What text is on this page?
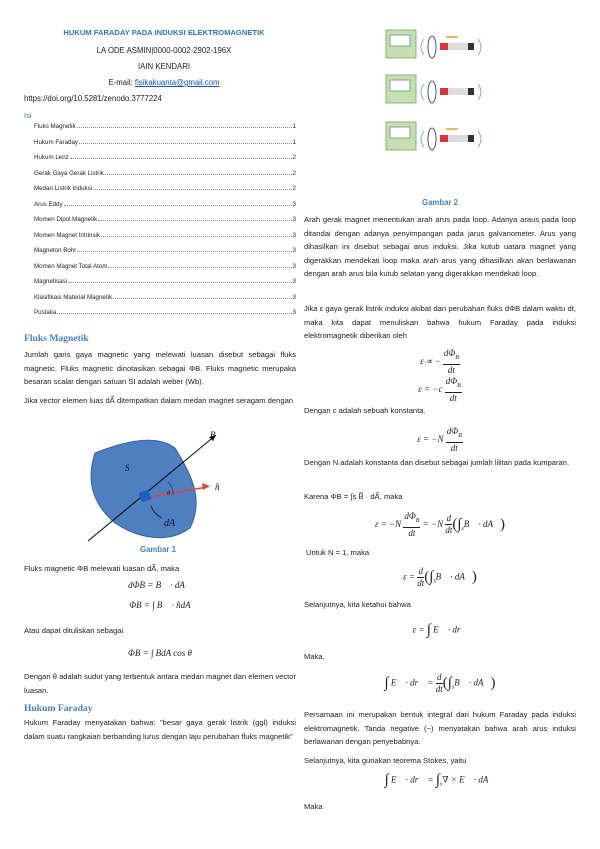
HUKUM FARADAY PADA INDUKSI ELEKTROMAGNETIK
LA ODE ASMIN|0000-0002-2902-196X
IAIN KENDARI
E-mail: fisikakuanta@gmail.com
https://doi.org/10.5281/zenodo.3777224
Isi
Fluks Magnetik	1
Hukum Faraday	1
Hukum Lenz	2
Gerak Gaya Gerak Listrik	2
Medan Listrik Induksi	2
Arus Eddy	3
Momen Dipol Magnetik	3
Momen Magnet Intrinsik	3
Magneton Bohr	3
Momen Magnet Total Atom	3
Magnetisasi	3
Klasifikasi Material Magnetik	3
Pustaka	3
Fluks Magnetik
Jumlah garis gaya magnetic yang melewati luasan disebut sebagai fluks magnetic. Fluks magnetic dinotasikan sebagai ΦB. Fluks magnetic merupaka besaran scalar dengan satuan SI adalah weber (Wb).
Jika vector elemen luas dA⃗ ditempatkan dalam medan magnet seragam dengan
S
B⃗
n̂
θ
dA⃗
Gambar 1
Fluks magnetic ΦB melewati luasan dA⃗, maka
dΦB = B⃗ · dA⃗
ΦB = ∫ B⃗ · n̂dA
Atau dapat dituliskan sebagai
ΦB = ∫ BdA cos θ
Dengan θ adalah sudut yang terbentuk antara medan magnet dan elemen vector luasan.
Hukum Faraday
Hukum Faraday menyatakan bahwa: "besar gaya gerak listrik (ggl) induksi dalam suatu rangkaian berbanding lurus dengan laju perubahan fluks magnetik"
Gambar 2
Arah gerak magnet menentukan arah arus pada loop. Adanya araus pada loop ditandai dengan adanya penyimpangan pada jarus galvanometer. Arus yang dihasilkan ini disebut sebagai arus induksi. Jika kutub uatara magnet yang digerakkan mendekati loop maka arah arus yang dihasilkan akan berlawanan dengan arah arus bila kutub selatan yang digerakkan mendekati loop.
Jika ε gaya gerak listrik induksi akibat dari perubahan fluks dΦB dalam waktu dt, maka kita dapat menuliskan bahwa hukum Faraday pada induksi elektromagnetik diberikan oleh
ε ∝ − $\frac{d\Phi_B}{dt}$
$\varepsilon = -c \frac{d\Phi_B}{dt}$
Dengan c adalah sebuah konstanta.
$\varepsilon = -N \frac{d\Phi_B}{dt}$
Dengan N adalah konstanta dan disebut sebagai jumlah lilitan pada kumparan.
Karena ΦB = ∫s B⃗ · dA⃗, maka
$\varepsilon = -N \frac{d\Phi_B}{dt} = -N \frac{d}{dt}$ ($\int_sB⃗$ · dA⃗)
Untuk N = 1, maka
$\varepsilon = \frac{d}{dt}$ ($\int_sB⃗$ · dA⃗)
Selanjutnya, kita ketahui bahwa
ε = ∫ E⃗ · dr⃗
Maka,
∫ E⃗ · dr⃗ = $\frac{d}{dt}$ ($\int_sB⃗$ · dA⃗)
Persamaan ini merupakan bentuk integral dari hukum Faraday pada induksi elektromagnetik. Tanda negative (−) menyatakan bahwa arah arus induksi berlawanan dengan penyebabnya.
Selanjutnya, kita gunakan teorema Stokes, yaitu
∫ E⃗ · dr⃗ = $\int_s\nabla$ × E⃗ · dA⃗
Maka
